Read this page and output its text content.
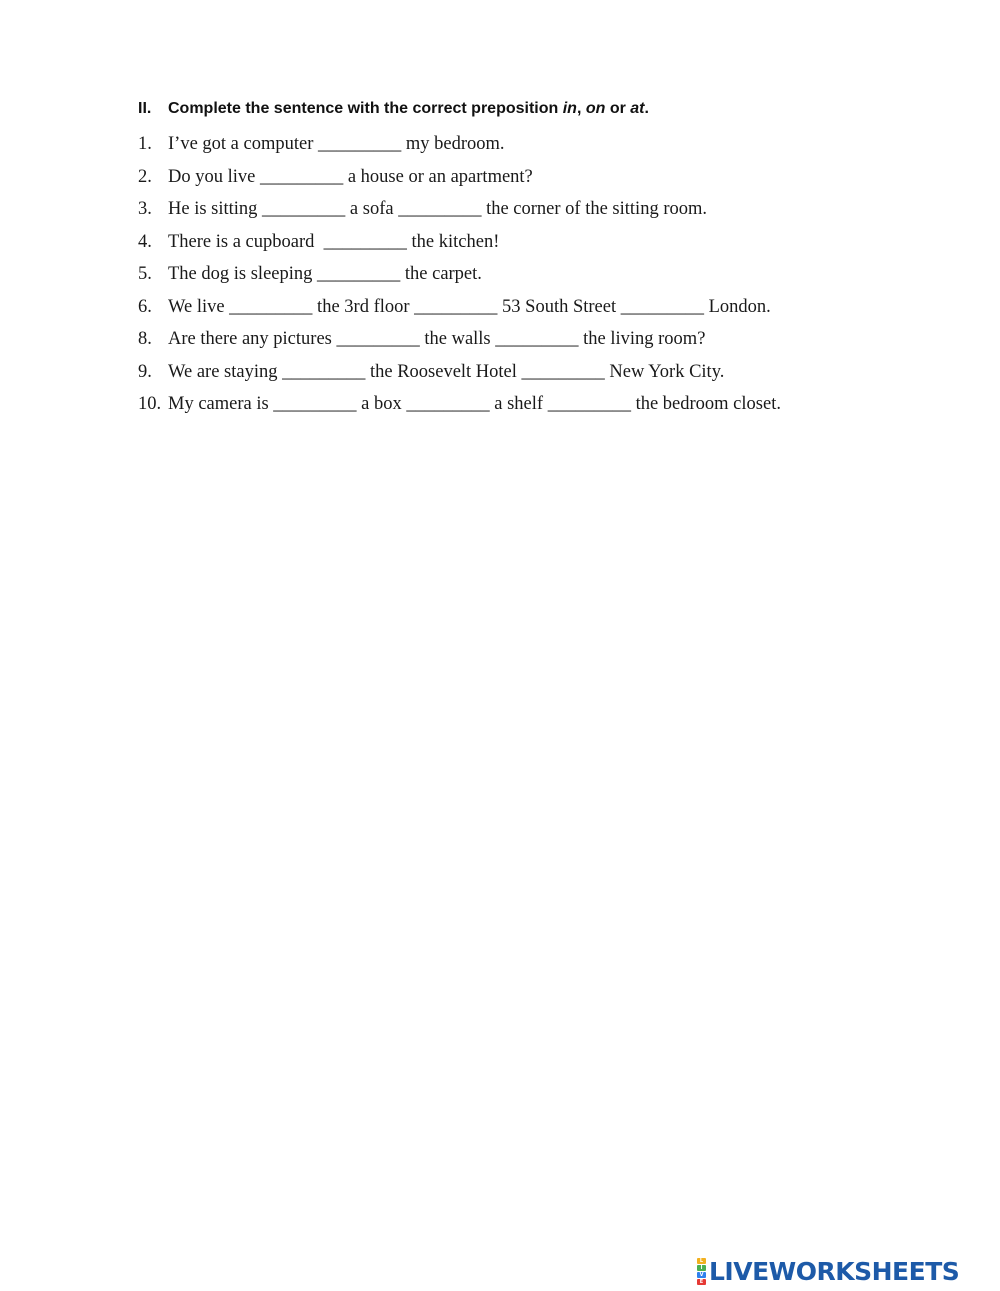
II. Complete the sentence with the correct preposition in, on or at.
1. I’ve got a computer _________ my bedroom.
2. Do you live _________ a house or an apartment?
3. He is sitting _________ a sofa _________ the corner of the sitting room.
4. There is a cupboard  _________ the kitchen!
5. The dog is sleeping _________ the carpet.
6. We live _________ the 3rd floor _________ 53 South Street _________ London.
8. Are there any pictures _________ the walls _________ the living room?
9. We are staying _________ the Roosevelt Hotel _________ New York City.
10. My camera is _________ a box _________ a shelf _________ the bedroom closet.
L
I
V
E LIVEWORKSHEETS
